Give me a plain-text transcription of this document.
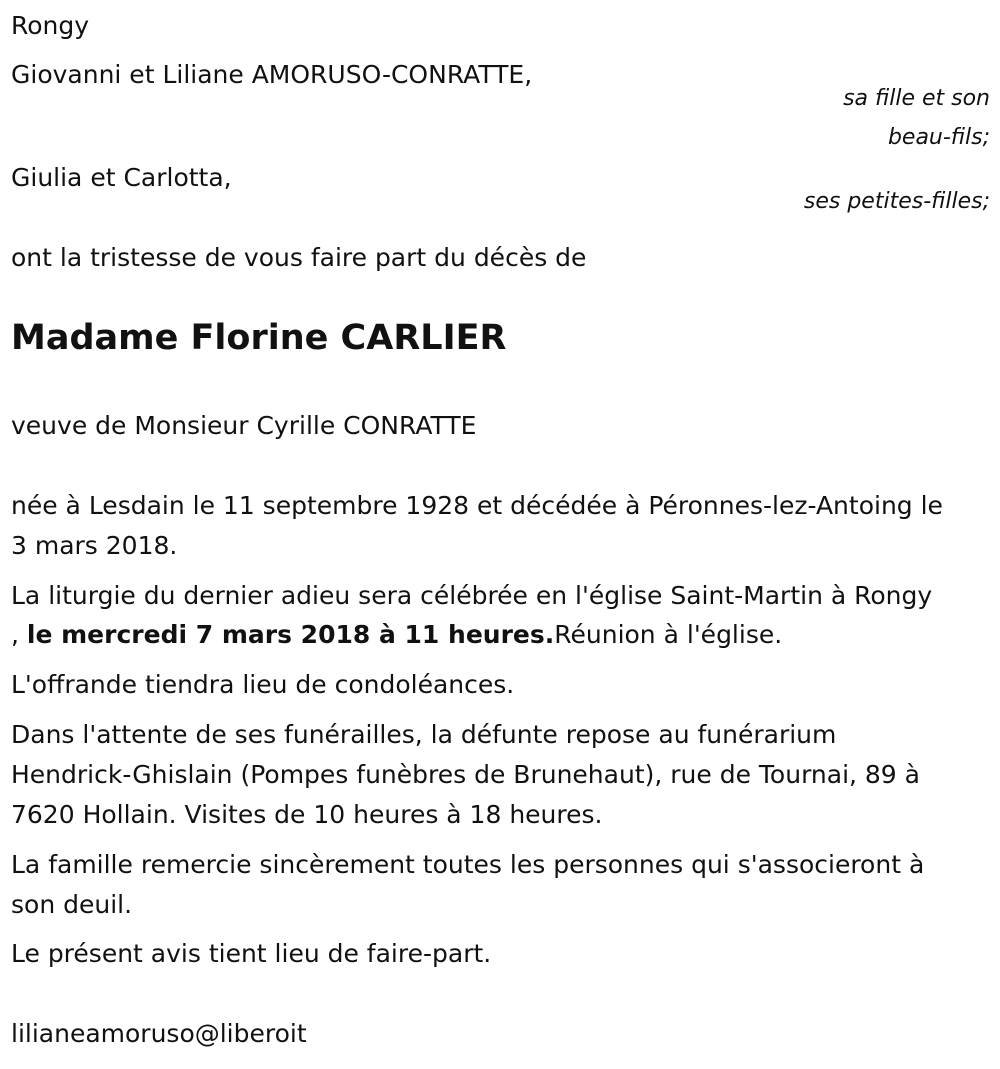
Rongy
Giovanni et Liliane AMORUSO-CONRATTE,
sa fille et son
beau-fils;
Giulia et Carlotta,
ses petites-filles;
ont la tristesse de vous faire part du décès de
Madame Florine CARLIER
veuve de Monsieur Cyrille CONRATTE
née à Lesdain le 11 septembre 1928 et décédée à Péronnes-lez-Antoing le
3 mars 2018.
La liturgie du dernier adieu sera célébrée en l'église Saint-Martin à Rongy
, le mercredi 7 mars 2018 à 11 heures.Réunion à l'église.
L'offrande tiendra lieu de condoléances.
Dans l'attente de ses funérailles, la défunte repose au funérarium
Hendrick-Ghislain (Pompes funèbres de Brunehaut), rue de Tournai, 89 à
7620 Hollain. Visites de 10 heures à 18 heures.
La famille remercie sincèrement toutes les personnes qui s'associeront à
son deuil.
Le présent avis tient lieu de faire-part.
lilianeamoruso@liberoit
